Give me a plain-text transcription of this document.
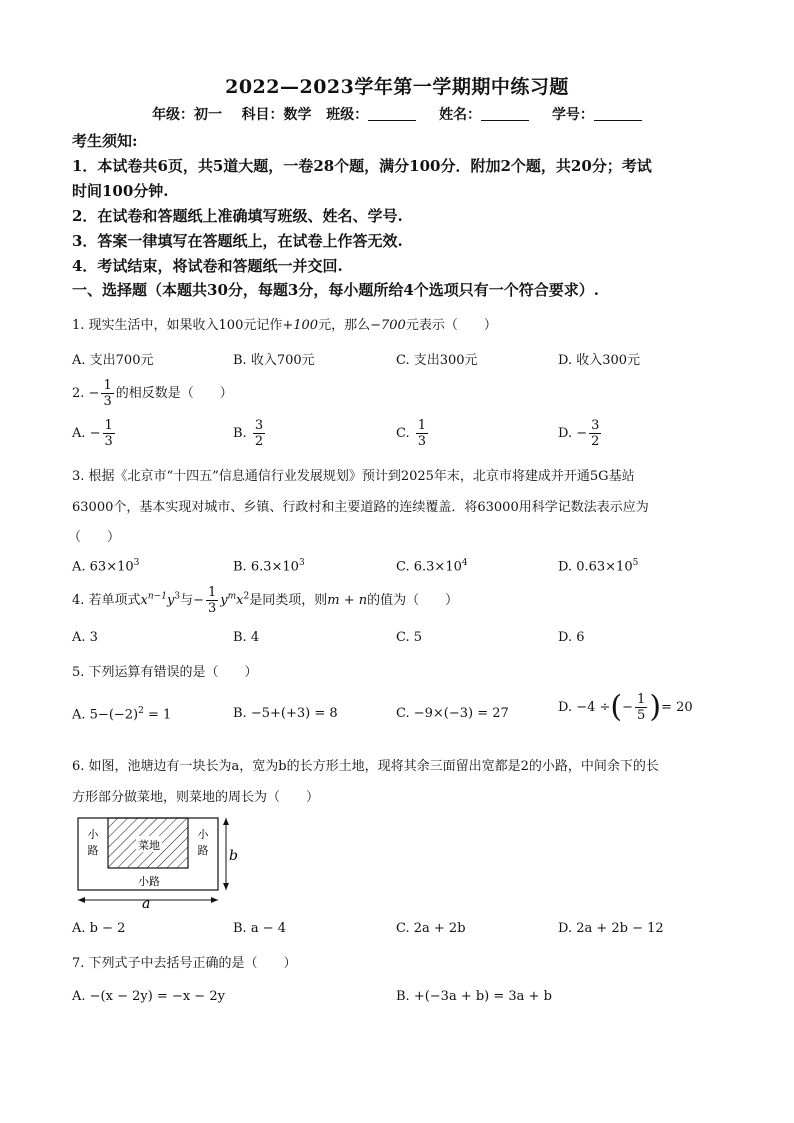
2022—2023学年第一学期期中练习题
年级：初一 科目：数学 班级：	姓名：	学号：
考生须知:
1．本试卷共6页，共5道大题，一卷28个题，满分100分．附加2个题，共20分；考试
时间100分钟.
2．在试卷和答题纸上准确填写班级、姓名、学号.
3．答案一律填写在答题纸上，在试卷上作答无效.
4．考试结束，将试卷和答题纸一并交回.
一、选择题（本题共30分，每题3分，每小题所给4个选项只有一个符合要求）.
1. 现实生活中，如果收入100元记作+100元，那么−700元表示（　　）
A. 支出700元	B. 收入700元	C. 支出300元	D. 收入300元
2. − $\frac{1}{3}$ 的相反数是（　　）
A. − $\frac{1}{3}$	B. $\frac{3}{2}$	C. $\frac{1}{3}$	D. − $\frac{3}{2}$
3. 根据《北京市“十四五”信息通信行业发展规划》预计到2025年末，北京市将建成并开通5G基站
63000个，基本实现对城市、乡镇、行政村和主要道路的连续覆盖．将63000用科学记数法表示应为
（　　）
A. $63\times 10^3$	B. $6.3\times 10^3$	C. $6.3\times 10^4$	D. $0.63\times 10^5$
4. 若单项式$x^{n-1}y^3$与− $\frac{1}{3} y^mx^2$是同类项，则m + n的值为（　　）
A. 3	B. 4	C. 5	D. 6
5. 下列运算有错误的是（　　）
A. $5-(-2)^2 = 1$	B. −5+(+3) = 8	C. −9×(−3) = 27	D. −4 ÷(− $\frac{1}{5}$ )= 20
6. 如图，池塘边有一块长为a，宽为b的长方形土地，现将其余三面留出宽都是2的小路，中间余下的长
方形部分做菜地，则菜地的周长为（　　）
菜地
小
路
小
路
小路
b
a
A. b − 2	B. a − 4	C. 2a + 2b	D. 2a + 2b − 12
7. 下列式子中去括号正确的是（　　）
A. −(x − 2y) = −x − 2y	B. +(−3a + b) = 3a + b
